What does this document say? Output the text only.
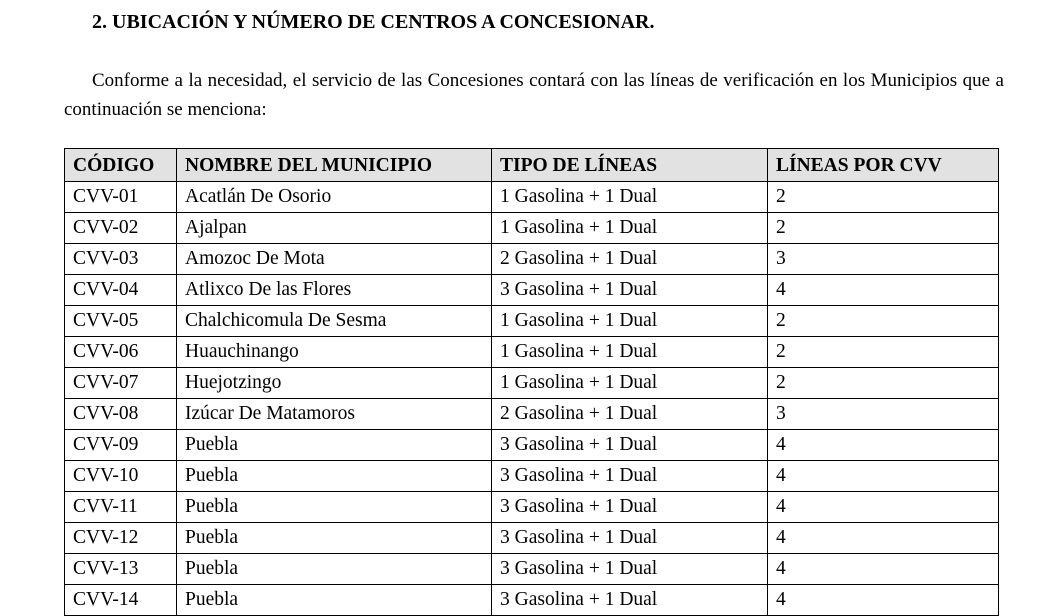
2. UBICACIÓN Y NÚMERO DE CENTROS A CONCESIONAR.
Conforme a la necesidad, el servicio de las Concesiones contará con las líneas de verificación en los Municipios que a continuación se menciona:
CÓDIGO	NOMBRE DEL MUNICIPIO	TIPO DE LÍNEAS	LÍNEAS POR CVV
CVV-01	Acatlán De Osorio	1 Gasolina + 1 Dual	2
CVV-02	Ajalpan	1 Gasolina + 1 Dual	2
CVV-03	Amozoc De Mota	2 Gasolina + 1 Dual	3
CVV-04	Atlixco De las Flores	3 Gasolina + 1 Dual	4
CVV-05	Chalchicomula De Sesma	1 Gasolina + 1 Dual	2
CVV-06	Huauchinango	1 Gasolina + 1 Dual	2
CVV-07	Huejotzingo	1 Gasolina + 1 Dual	2
CVV-08	Izúcar De Matamoros	2 Gasolina + 1 Dual	3
CVV-09	Puebla	3 Gasolina + 1 Dual	4
CVV-10	Puebla	3 Gasolina + 1 Dual	4
CVV-11	Puebla	3 Gasolina + 1 Dual	4
CVV-12	Puebla	3 Gasolina + 1 Dual	4
CVV-13	Puebla	3 Gasolina + 1 Dual	4
CVV-14	Puebla	3 Gasolina + 1 Dual	4
